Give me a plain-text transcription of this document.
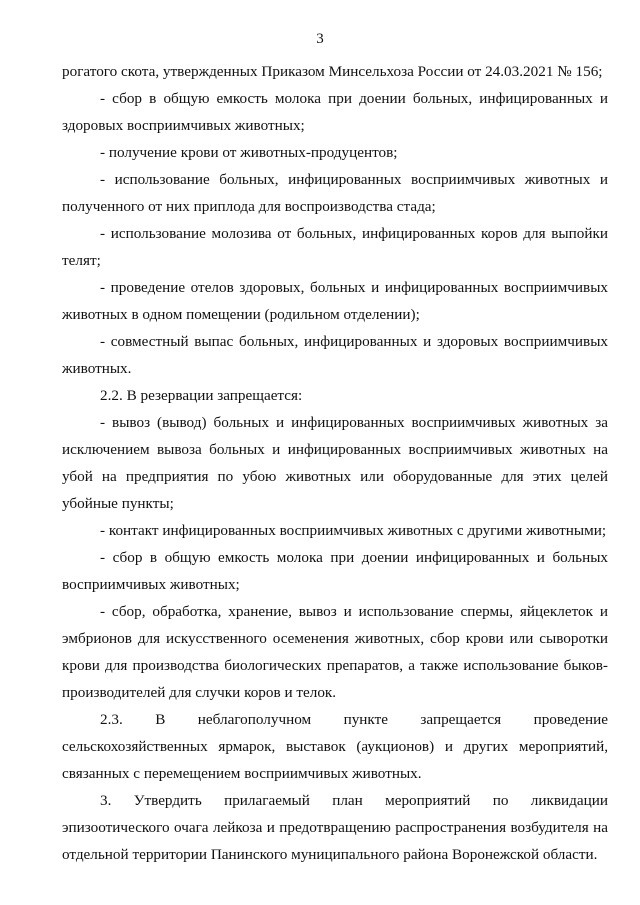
3

рогатого скота, утвержденных Приказом Минсельхоза России от 24.03.2021 № 156;

- сбор в общую емкость молока при доении больных, инфицированных и здоровых восприимчивых животных;

- получение крови от животных-продуцентов;

- использование больных, инфицированных восприимчивых животных и полученного от них приплода для воспроизводства стада;

- использование молозива от больных, инфицированных коров для выпойки телят;

- проведение отелов здоровых, больных и инфицированных восприимчивых животных в одном помещении (родильном отделении);

- совместный выпас больных, инфицированных и здоровых восприимчивых животных.

2.2. В резервации запрещается:

- вывоз (вывод) больных и инфицированных восприимчивых животных за исключением вывоза больных и инфицированных восприимчивых животных на убой на предприятия по убою животных или оборудованные для этих целей убойные пункты;

- контакт инфицированных восприимчивых животных с другими животными;

- сбор в общую емкость молока при доении инфицированных и больных восприимчивых животных;

- сбор, обработка, хранение, вывоз и использование спермы, яйцеклеток и эмбрионов для искусственного осеменения животных, сбор крови или сыворотки крови для производства биологических препаратов, а также использование быков-производителей для случки коров и телок.

2.3. В неблагополучном пункте запрещается проведение сельскохозяйственных ярмарок, выставок (аукционов) и других мероприятий, связанных с перемещением восприимчивых животных.

3. Утвердить прилагаемый план мероприятий по ликвидации эпизоотического очага лейкоза и предотвращению распространения возбудителя на отдельной территории Панинского муниципального района Воронежской области.
